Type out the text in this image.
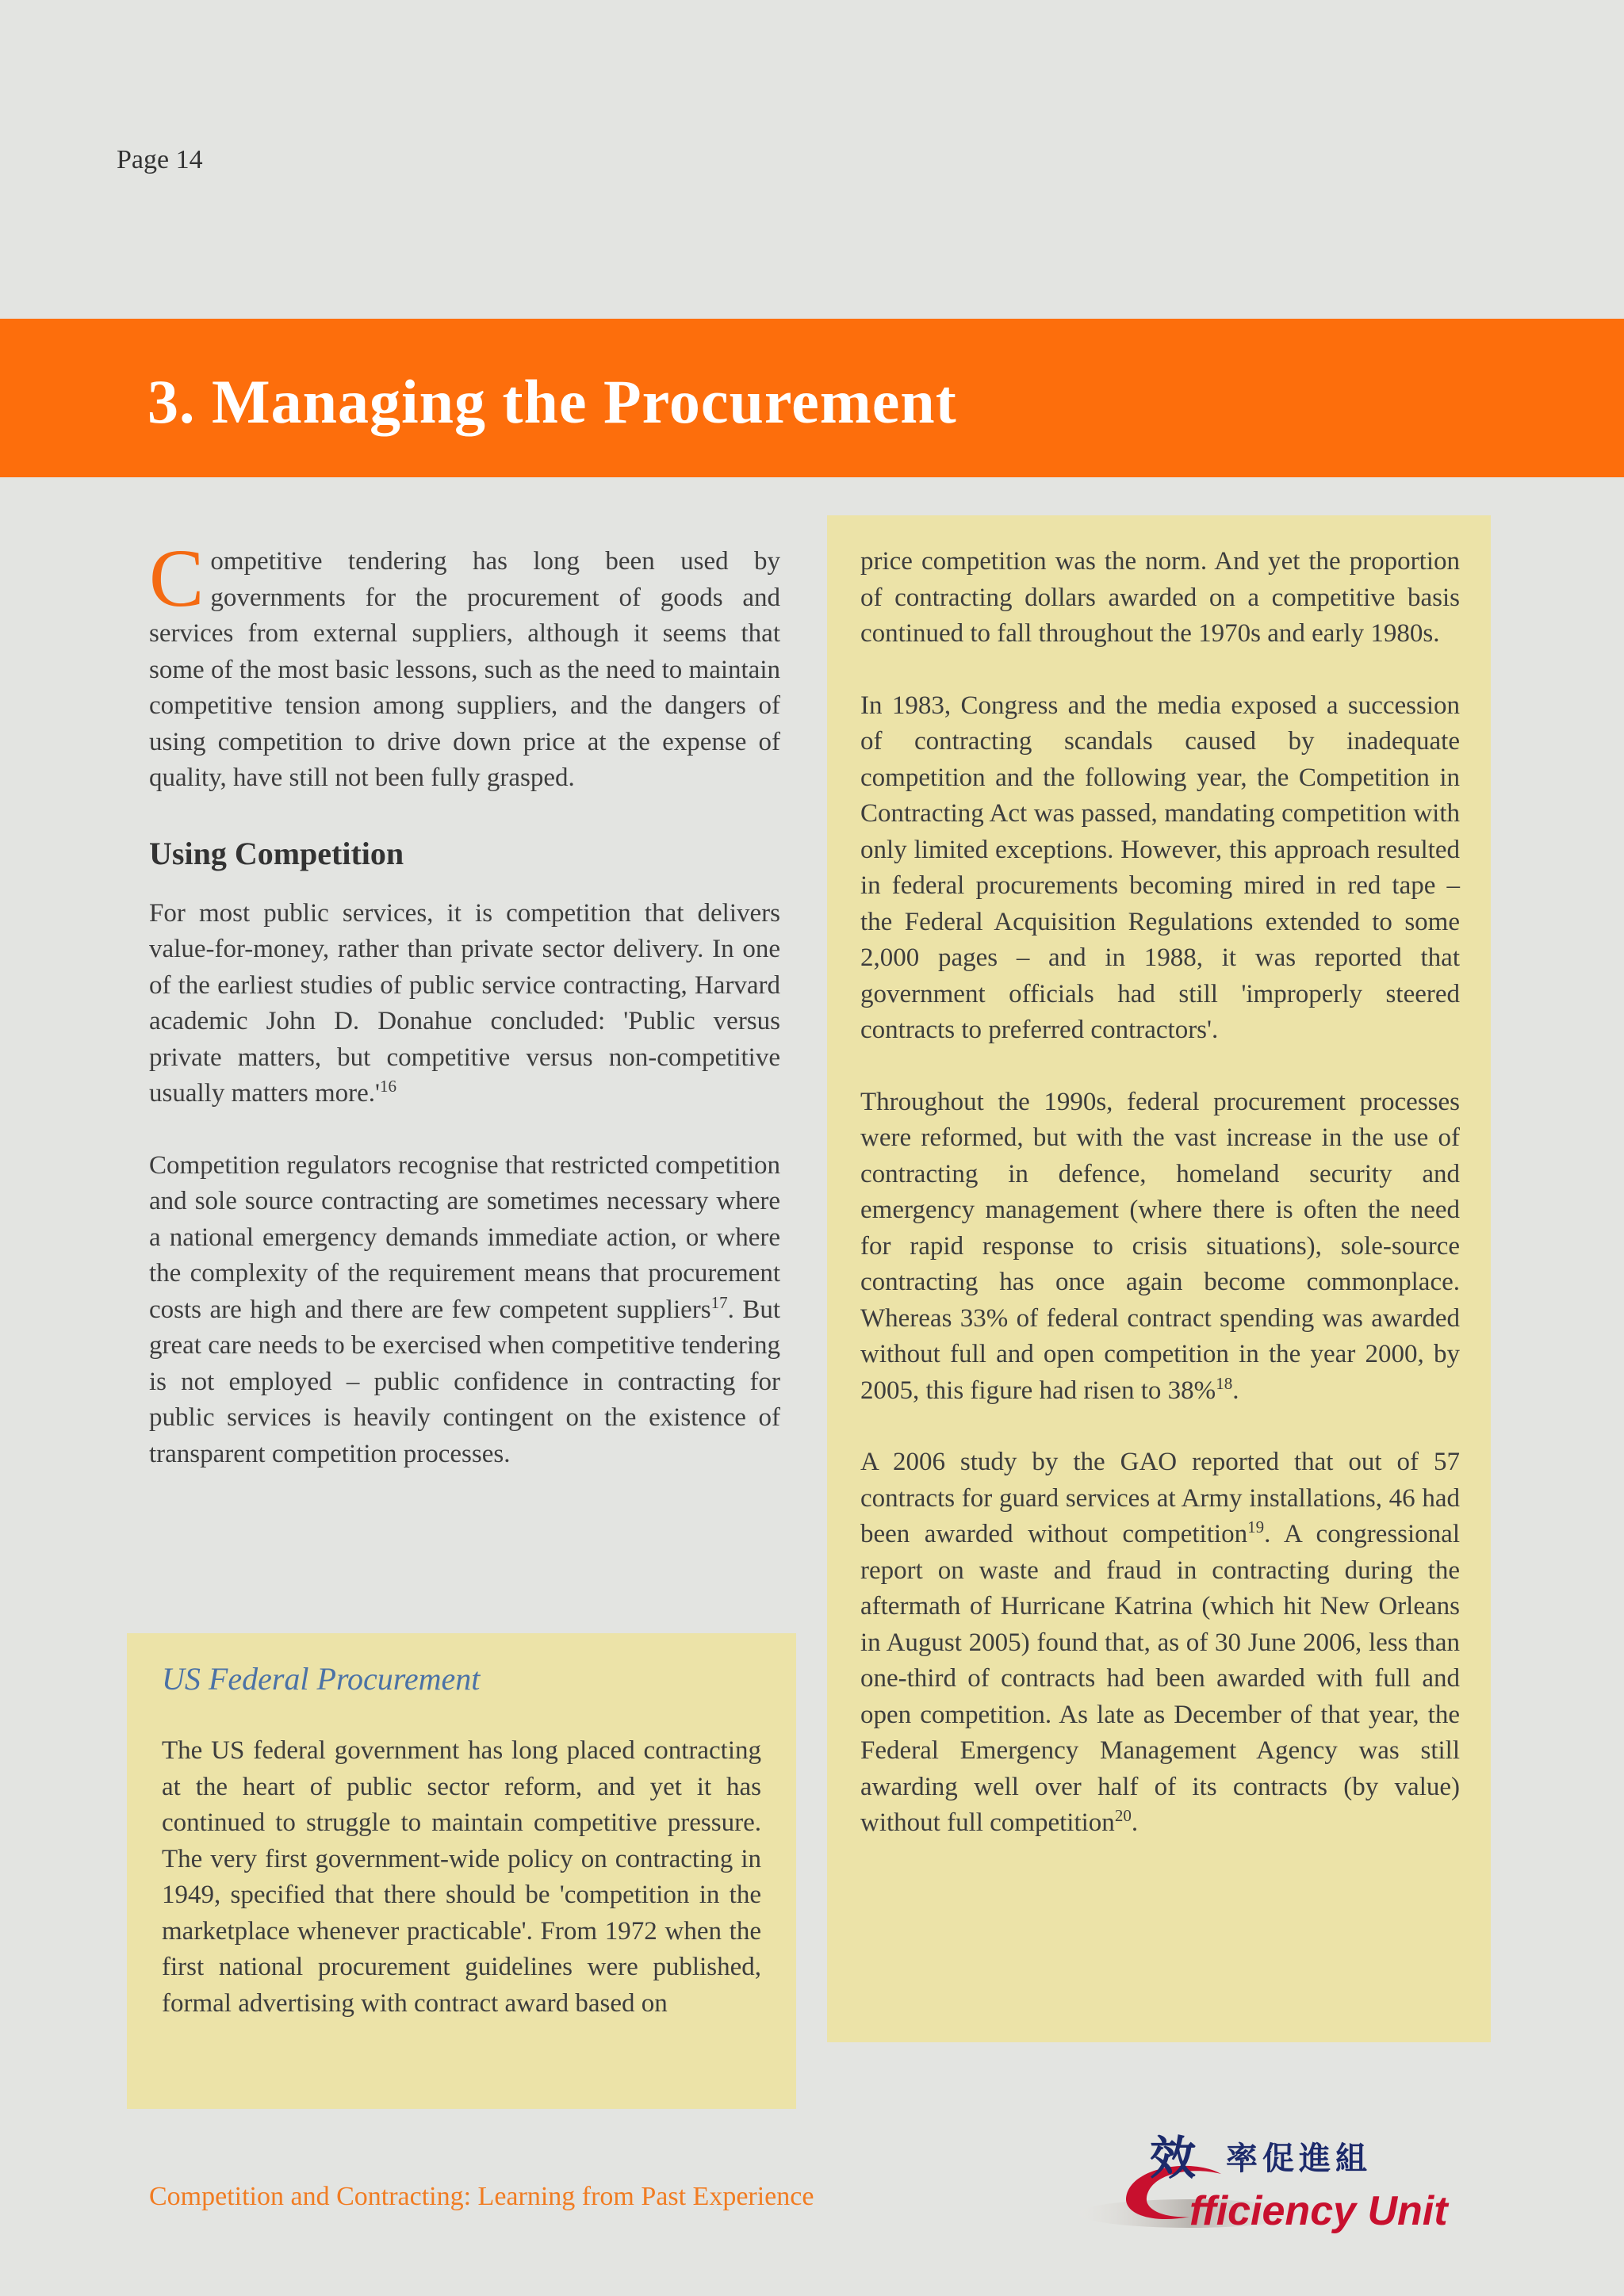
Page 14
3. Managing the Procurement

Competitive tendering has long been used by governments for the procurement of goods and services from external suppliers, although it seems that some of the most basic lessons, such as the need to maintain competitive tension among suppliers, and the dangers of using competition to drive down price at the expense of quality, have still not been fully grasped.

Using Competition

For most public services, it is competition that delivers value-for-money, rather than private sector delivery. In one of the earliest studies of public service contracting, Harvard academic John D. Donahue concluded: 'Public versus private matters, but competitive versus non-competitive usually matters $more.'^{16}$

Competition regulators recognise that restricted competition and sole source contracting are sometimes necessary where a national emergency demands immediate action, or where the complexity of the requirement means that procurement costs are high and there are few competent suppliers$^{17}$. But great care needs to be exercised when competitive tendering is not employed – public confidence in contracting for public services is heavily contingent on the existence of transparent competition processes.

US Federal Procurement

The US federal government has long placed contracting at the heart of public sector reform, and yet it has continued to struggle to maintain competitive pressure. The very first government-wide policy on contracting in 1949, specified that there should be 'competition in the marketplace whenever practicable'. From 1972 when the first national procurement guidelines were published, formal advertising with contract award based on

price competition was the norm. And yet the proportion of contracting dollars awarded on a competitive basis continued to fall throughout the 1970s and early 1980s.

In 1983, Congress and the media exposed a succession of contracting scandals caused by inadequate competition and the following year, the Competition in Contracting Act was passed, mandating competition with only limited exceptions. However, this approach resulted in federal procurements becoming mired in red tape – the Federal Acquisition Regulations extended to some 2,000 pages – and in 1988, it was reported that government officials had still 'improperly steered contracts to preferred contractors'.

Throughout the 1990s, federal procurement processes were reformed, but with the vast increase in the use of contracting in defence, homeland security and emergency management (where there is often the need for rapid response to crisis situations), sole-source contracting has once again become commonplace. Whereas 33% of federal contract spending was awarded without full and open competition in the year 2000, by 2005, this figure had risen to 38%$^{18}$.

A 2006 study by the GAO reported that out of 57 contracts for guard services at Army installations, 46 had been awarded without competition$^{19}$. A congressional report on waste and fraud in contracting during the aftermath of Hurricane Katrina (which hit New Orleans in August 2005) found that, as of 30 June 2006, less than one-third of contracts had been awarded with full and open competition. As late as December of that year, the Federal Emergency Management Agency was still awarding well over half of its contracts (by value) without full competition$^{20}$.

Competition and Contracting: Learning from Past Experience
效 率促進組
fficiency Unit
